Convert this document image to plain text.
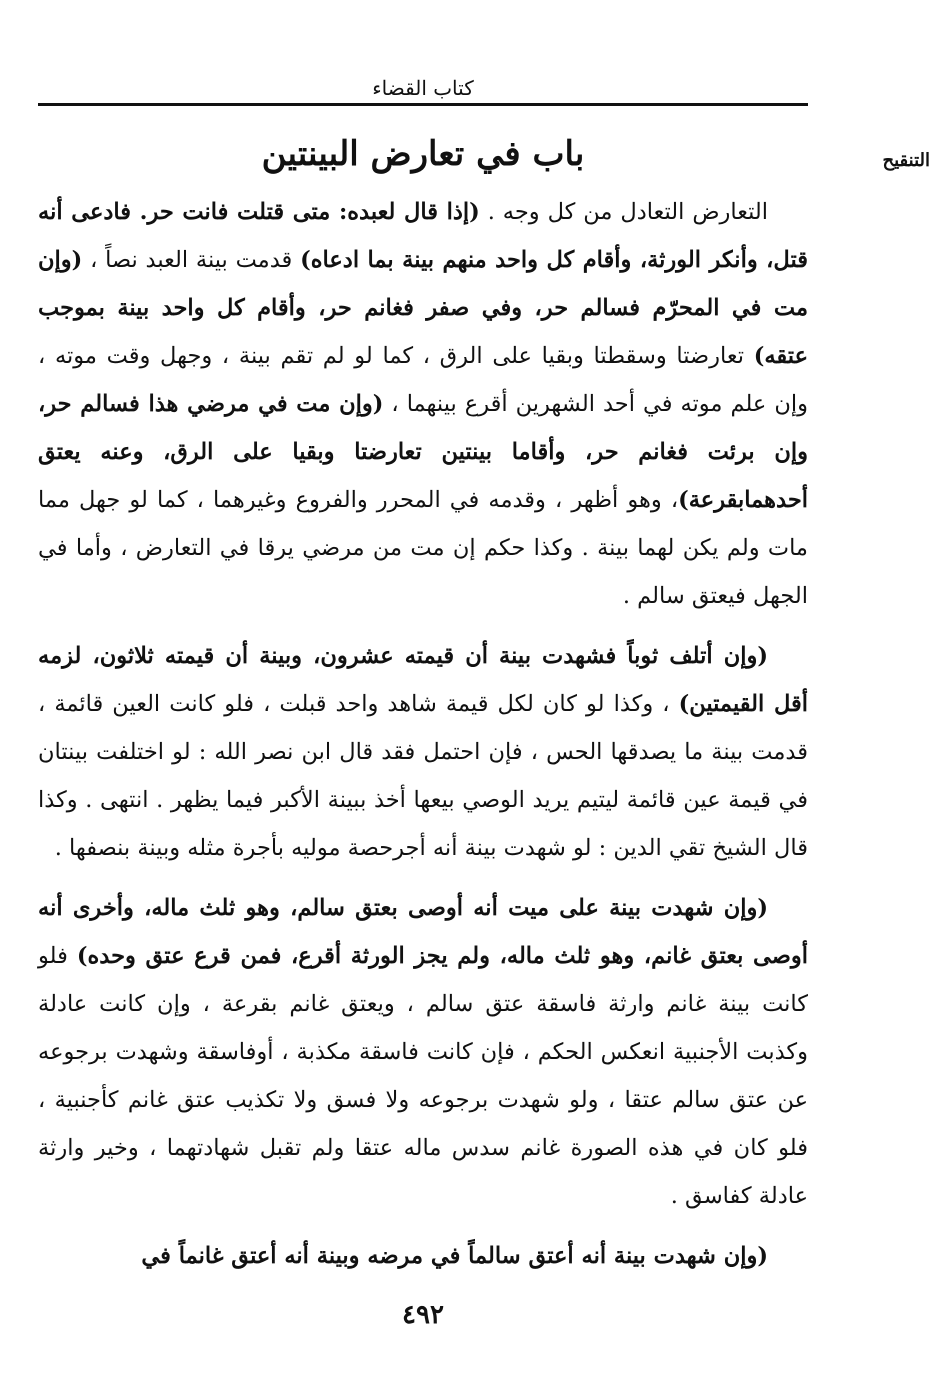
كتاب القضاء
التنقيح
باب في تعارض البينتين

التعارض التعادل من كل وجه . (إذا قال لعبده: متى قتلت فانت حر. فادعى أنه قتل، وأنكر الورثة، وأقام كل واحد منهم بينة بما ادعاه) قدمت بينة العبد نصاً ، (وإن مت في المحرّم فسالم حر، وفي صفر فغانم حر، وأقام كل واحد بينة بموجب عتقه) تعارضتا وسقطتا وبقيا على الرق ، كما لو لم تقم بينة ، وجهل وقت موته ، وإن علم موته في أحد الشهرين أقرع بينهما ، (وإن مت في مرضي هذا فسالم حر، وإن برئت فغانم حر، وأقاما بينتين تعارضتا وبقيا على الرق، وعنه يعتق أحدهمابقرعة)، وهو أظهر ، وقدمه في المحرر والفروع وغيرهما ، كما لو جهل مما مات ولم يكن لهما بينة . وكذا حكم إن مت من مرضي يرقا في التعارض ، وأما في الجهل فيعتق سالم .

(وإن أتلف ثوباً فشهدت بينة أن قيمته عشرون، وبينة أن قيمته ثلاثون، لزمه أقل القيمتين) ، وكذا لو كان لكل قيمة شاهد واحد قبلت ، فلو كانت العين قائمة ، قدمت بينة ما يصدقها الحس ، فإن احتمل فقد قال ابن نصر الله : لو اختلفت بينتان في قيمة عين قائمة ليتيم يريد الوصي بيعها أخذ ببينة الأكبر فيما يظهر . انتهى . وكذا قال الشيخ تقي الدين : لو شهدت بينة أنه أجرحصة موليه بأجرة مثله وبينة بنصفها .

(وإن شهدت بينة على ميت أنه أوصى بعتق سالم، وهو ثلث ماله، وأخرى أنه أوصى بعتق غانم، وهو ثلث ماله، ولم يجز الورثة أقرع، فمن قرع عتق وحده) فلو كانت بينة غانم وارثة فاسقة عتق سالم ، ويعتق غانم بقرعة ، وإن كانت عادلة وكذبت الأجنبية انعكس الحكم ، فإن كانت فاسقة مكذبة ، أوفاسقة وشهدت برجوعه عن عتق سالم عتقا ، ولو شهدت برجوعه ولا فسق ولا تكذيب عتق غانم كأجنبية ، فلو كان في هذه الصورة غانم سدس ماله عتقا ولم تقبل شهادتهما ، وخير وارثة عادلة كفاسق .

(وإن شهدت بينة أنه أعتق سالماً في مرضه وبينة أنه أعتق غانماً في

٤٩٢
